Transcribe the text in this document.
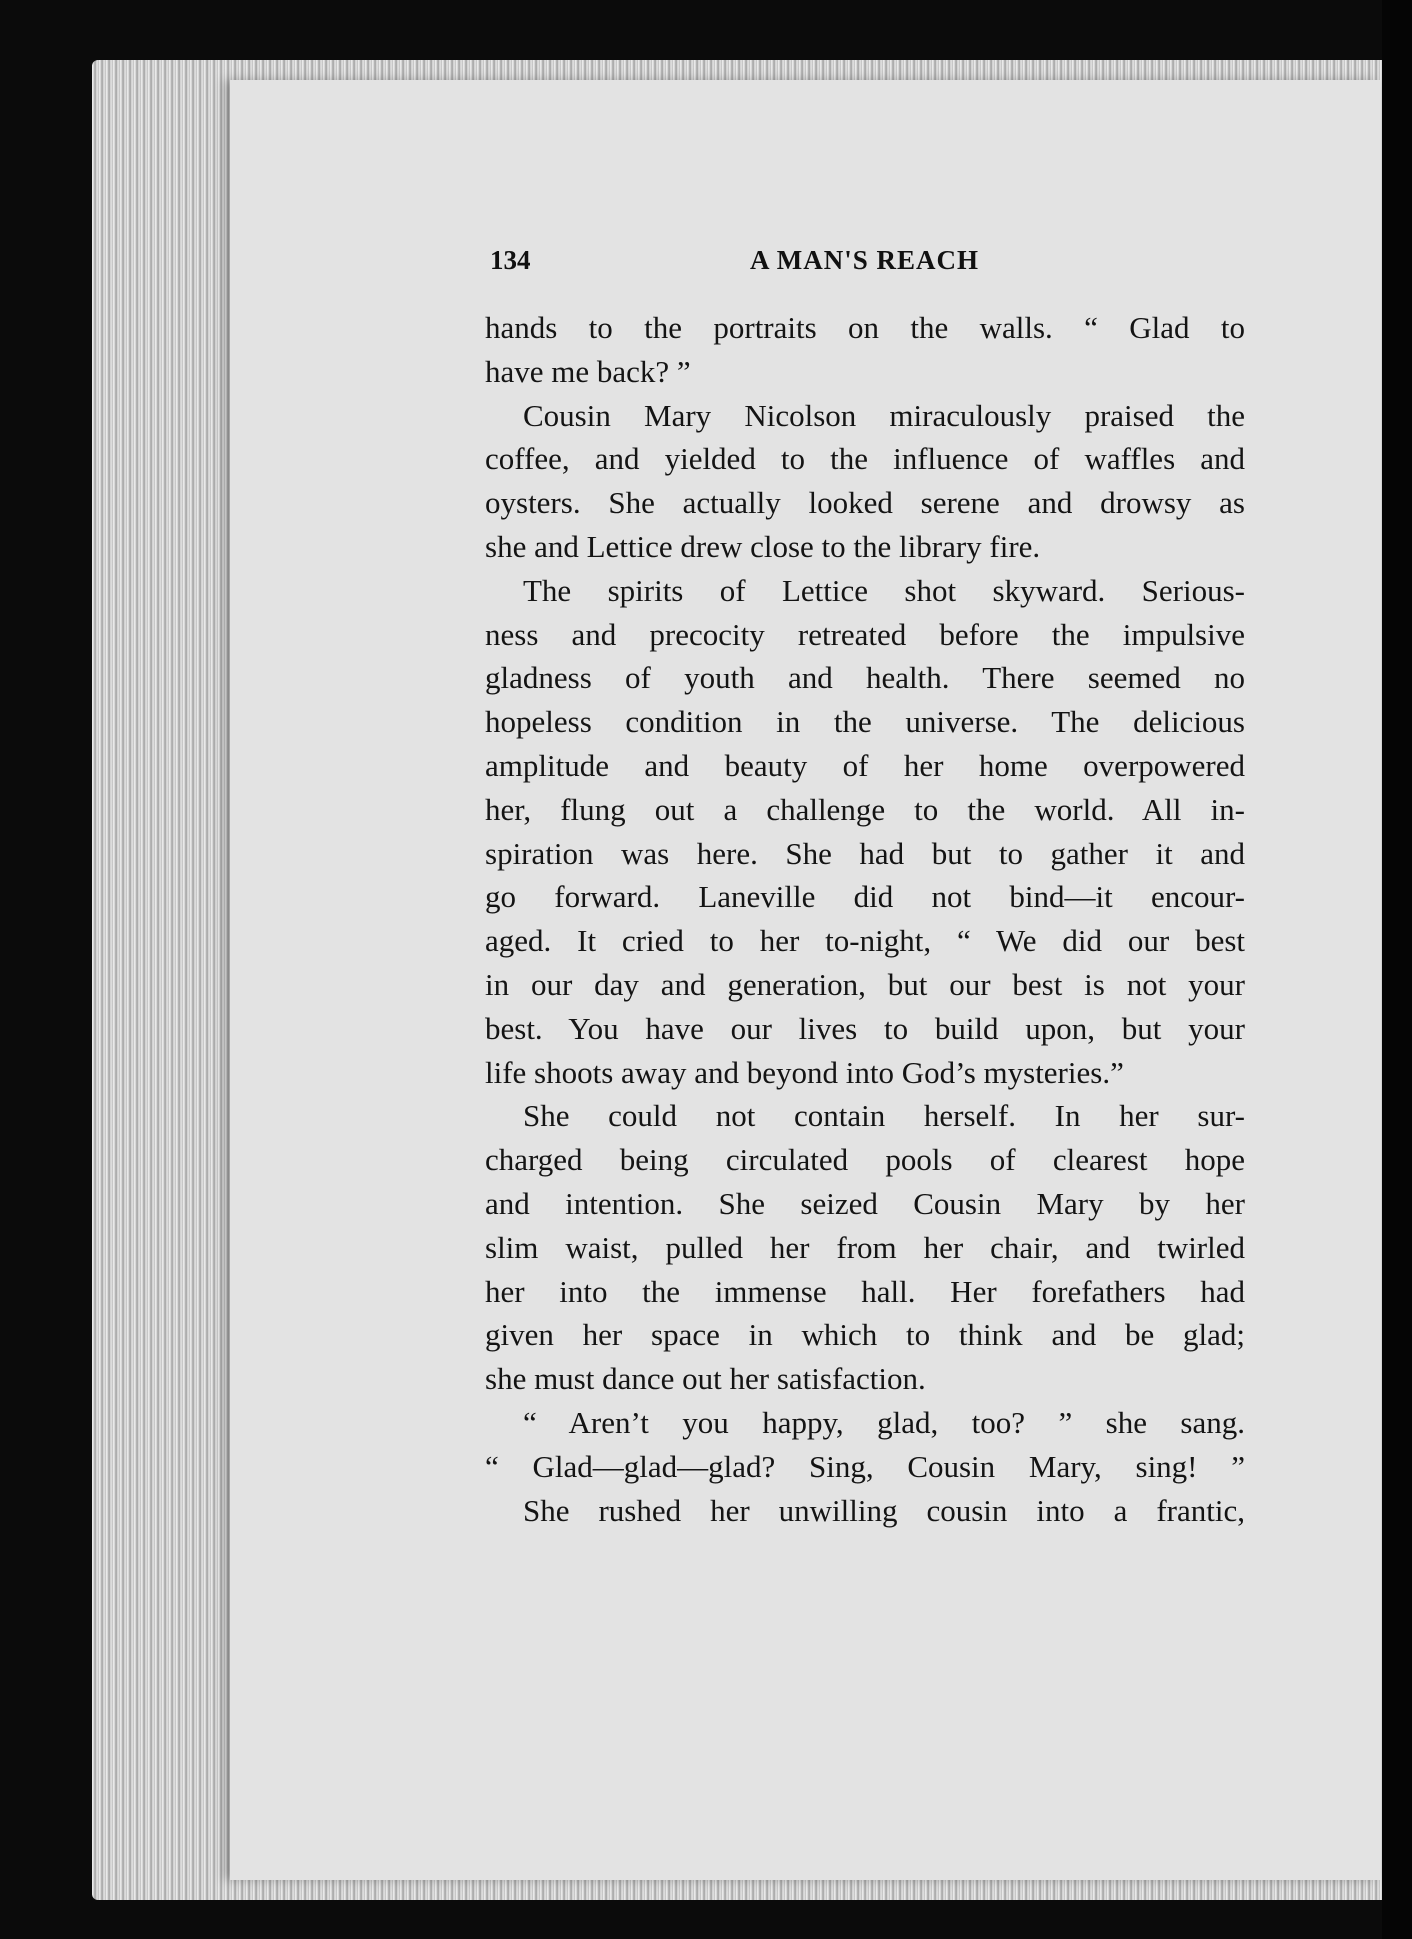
134	A MAN'S REACH
hands to the portraits on the walls. “ Glad to
have me back? ”
Cousin Mary Nicolson miraculously praised the
coffee, and yielded to the influence of waffles and
oysters. She actually looked serene and drowsy as
she and Lettice drew close to the library fire.
The spirits of Lettice shot skyward. Serious-
ness and precocity retreated before the impulsive
gladness of youth and health. There seemed no
hopeless condition in the universe. The delicious
amplitude and beauty of her home overpowered
her, flung out a challenge to the world. All in-
spiration was here. She had but to gather it and
go forward. Laneville did not bind—it encour-
aged. It cried to her to-night, “ We did our best
in our day and generation, but our best is not your
best. You have our lives to build upon, but your
life shoots away and beyond into God’s mysteries.”
She could not contain herself. In her sur-
charged being circulated pools of clearest hope
and intention. She seized Cousin Mary by her
slim waist, pulled her from her chair, and twirled
her into the immense hall. Her forefathers had
given her space in which to think and be glad;
she must dance out her satisfaction.
“ Aren’t you happy, glad, too? ” she sang.
“ Glad—glad—glad? Sing, Cousin Mary, sing! ”
She rushed her unwilling cousin into a frantic,
